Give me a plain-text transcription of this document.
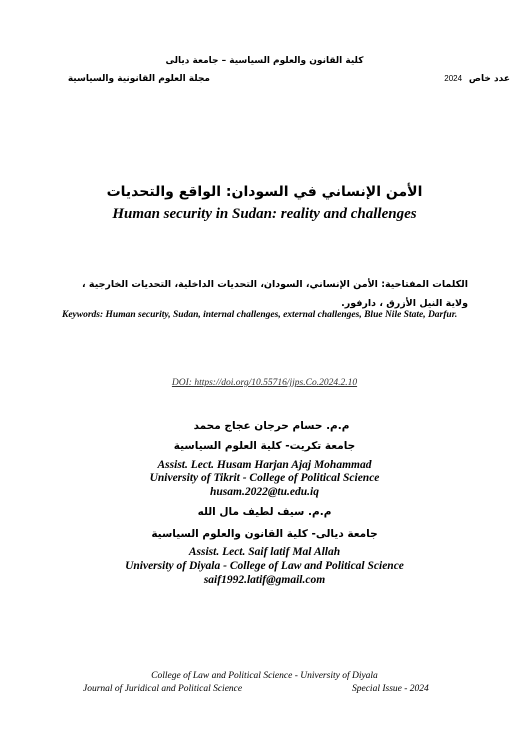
كلية القانون والعلوم السياسية – جامعة ديالى
عدد خاص 2024
مجلة العلوم القانونية والسياسية
الأمن الإنساني في السودان: الواقع والتحديات
Human security in Sudan: reality and challenges
الكلمات المفتاحية: الأمن الإنساني، السودان، التحديات الداخلية، التحديات الخارجية ، ولاية النيل الأزرق ، دارفور.
Keywords: Human security, Sudan, internal challenges, external challenges, Blue Nile State, Darfur.
DOI: https://doi.org/10.55716/jjps.Co.2024.2.10
م.م. حسام حرجان عجاج محمد
جامعة تكريت- كلية العلوم السياسية
Assist. Lect. Husam Harjan Ajaj Mohammad
University of Tikrit - College of Political Science
husam.2022@tu.edu.iq
م.م. سيف لطيف مال الله
جامعة ديالى- كلية القانون والعلوم السياسية
Assist. Lect. Saif latif Mal Allah
University of Diyala - College of Law and Political Science
saif1992.latif@gmail.com
College of Law and Political Science - University of Diyala
Journal of Juridical and Political Science	Special Issue - 2024
